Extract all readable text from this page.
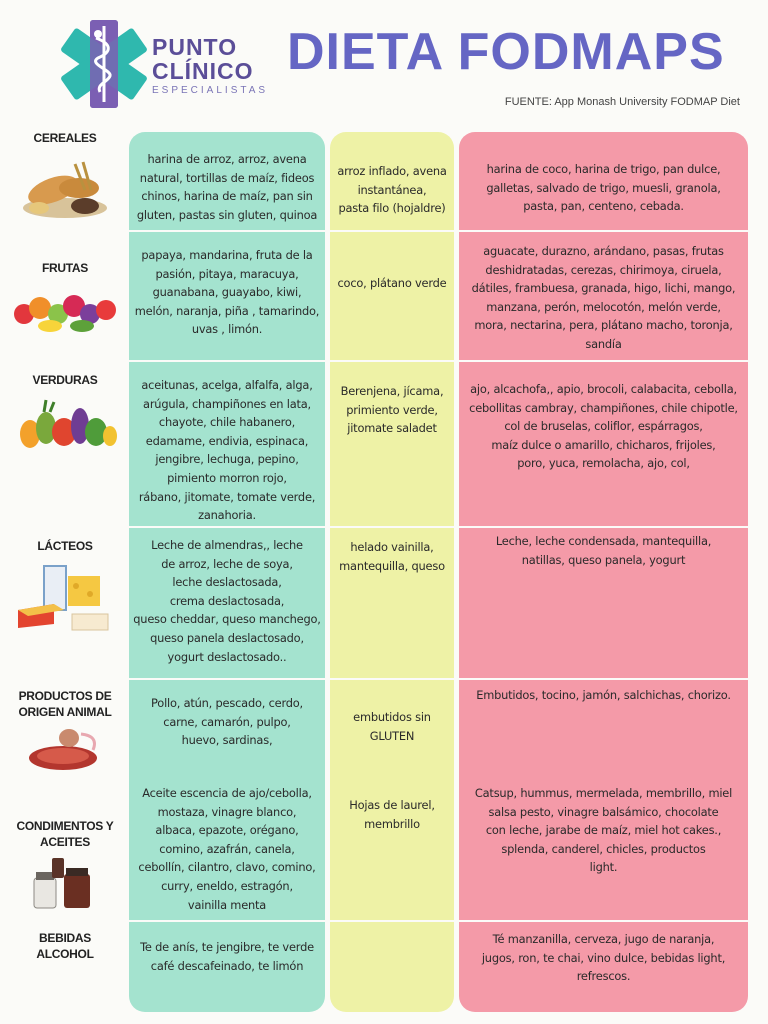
PUNTO
CLÍNICO
ESPECIALISTAS
DIETA FODMAPS
FUENTE: App Monash University FODMAP Diet
CEREALES
harina de arroz, arroz, avena
natural, tortillas de maíz, fideos
chinos, harina de maíz, pan sin
gluten, pastas sin gluten, quinoa
arroz inflado, avena
instantánea,
pasta filo (hojaldre)
harina de coco, harina de trigo, pan dulce,
galletas, salvado de trigo, muesli, granola,
pasta, pan, centeno, cebada.
FRUTAS
papaya, mandarina, fruta de la
pasión, pitaya, maracuya,
guanabana, guayabo, kiwi,
melón, naranja, piña , tamarindo,
uvas , limón.
coco, plátano verde
aguacate, durazno, arándano, pasas, frutas
deshidratadas, cerezas, chirimoya, ciruela,
dátiles, frambuesa, granada, higo, lichi, mango,
manzana, perón, melocotón, melón verde,
mora, nectarina, pera, plátano macho, toronja,
sandía
VERDURAS	aceitunas, acelga, alfalfa, alga,
arúgula, champiñones en lata,
chayote, chile habanero,
edamame, endivia, espinaca,
jengibre, lechuga, pepino,
pimiento morron rojo,
rábano, jitomate, tomate verde,
zanahoria.
Berenjena, jícama,
primiento verde,
jitomate saladet
ajo, alcachofa,, apio, brocoli, calabacita, cebolla,
cebollitas cambray, champiñones, chile chipotle,
col de bruselas, coliflor, espárragos,
maíz dulce o amarillo, chicharos, frijoles,
poro, yuca, remolacha, ajo, col,
LÁCTEOS	Leche de almendras,, leche
de arroz, leche de soya,
leche deslactosada,
crema deslactosada,
queso cheddar, queso manchego,
queso panela deslactosado,
yogurt deslactosado..
helado vainilla,
mantequilla, queso
Leche, leche condensada, mantequilla,
natillas, queso panela, yogurt
PRODUCTOS DE
ORIGEN ANIMAL
Pollo, atún, pescado, cerdo,
carne, camarón, pulpo,
huevo, sardinas,
embutidos sin
GLUTEN
Embutidos, tocino, jamón, salchichas, chorizo.
CONDIMENTOS Y
ACEITES
Aceite escencia de ajo/cebolla,
mostaza, vinagre blanco,
albaca, epazote, orégano,
comino, azafrán, canela,
cebollín, cilantro, clavo, comino,
curry, eneldo, estragón,
vainilla menta
Hojas de laurel,
membrillo
Catsup, hummus, mermelada, membrillo, miel
salsa pesto, vinagre balsámico, chocolate
con leche, jarabe de maíz, miel hot cakes.,
splenda, canderel, chicles, productos
light.
BEBIDAS
ALCOHOL
Te de anís, te jengibre, te verde
café descafeinado, te limón
Té manzanilla, cerveza, jugo de naranja,
jugos, ron, te chai, vino dulce, bebidas light,
refrescos.
